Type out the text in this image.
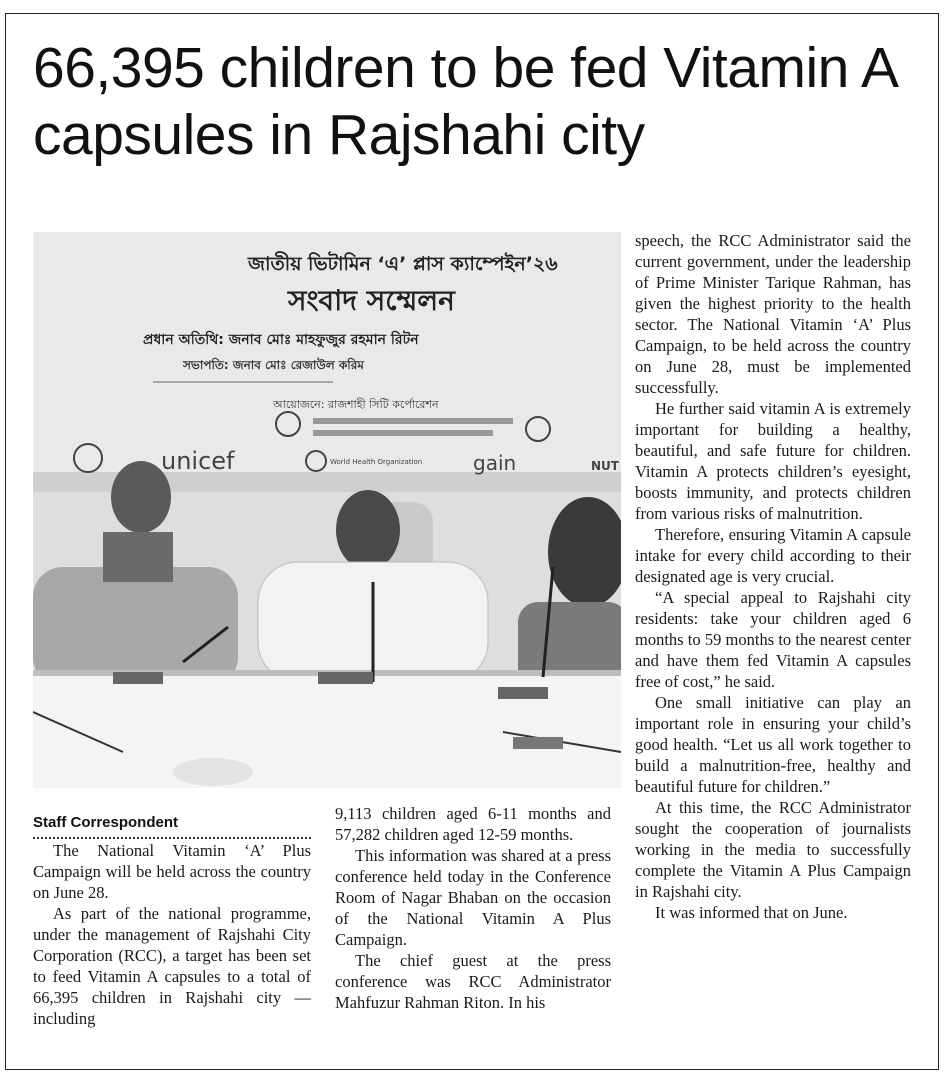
66,395 children to be fed Vitamin A capsules in Rajshahi city
জাতীয় ভিটামিন ‘এ’ প্লাস ক্যাম্পেইন’২৬
সংবাদ সম্মেলন
প্রধান অতিথি: জনাব মোঃ মাহফুজুর রহমান রিটন
সভাপতি: জনাব মোঃ রেজাউল করিম
আয়োজনে: রাজশাহী সিটি কর্পোরেশন
unicef	World Health Organization	gain	NUT
Staff Correspondent

The National Vitamin ‘A’ Plus Campaign will be held across the country on June 28.

As part of the national programme, under the management of Rajshahi City Corporation (RCC), a target has been set to feed Vitamin A capsules to a total of 66,395 children in Rajshahi city — including

9,113 children aged 6-11 months and 57,282 children aged 12-59 months.

This information was shared at a press conference held today in the Conference Room of Nagar Bhaban on the occasion of the National Vitamin A Plus Campaign.

The chief guest at the press conference was RCC Administrator Mahfuzur Rahman Riton. In his

speech, the RCC Administrator said the current government, under the leadership of Prime Minister Tarique Rahman, has given the highest priority to the health sector. The National Vitamin ‘A’ Plus Campaign, to be held across the country on June 28, must be implemented successfully.

He further said vitamin A is extremely important for building a healthy, beautiful, and safe future for children. Vitamin A protects children’s eyesight, boosts immunity, and protects children from various risks of malnutrition.

Therefore, ensuring Vitamin A capsule intake for every child according to their designated age is very crucial.

“A special appeal to Rajshahi city residents: take your children aged 6 months to 59 months to the nearest center and have them fed Vitamin A capsules free of cost,” he said.

One small initiative can play an important role in ensuring your child’s good health. “Let us all work together to build a malnutrition-free, healthy and beautiful future for children.”

At this time, the RCC Administrator sought the cooperation of journalists working in the media to successfully complete the Vitamin A Plus Campaign in Rajshahi city.

It was informed that on June.
